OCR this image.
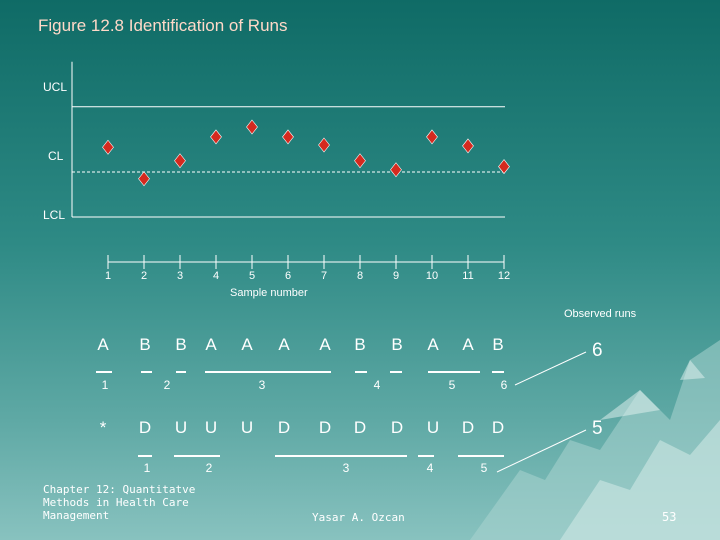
Figure 12.8 Identification of Runs
UCL
CL
LCL
1	2	3	4	5	6	7	8	9	10	11	12
Sample number
Observed runs
A	B	B	A	A	A	A	B	B	A	A	B
1	2	3	4	5	6
*	D	U	U	U	D	D	D	D	U	D	D
1	2	3	4	5
6
5
Chapter 12: Quantitatve
Methods in Health Care
Management	Yasar A. Ozcan	53
